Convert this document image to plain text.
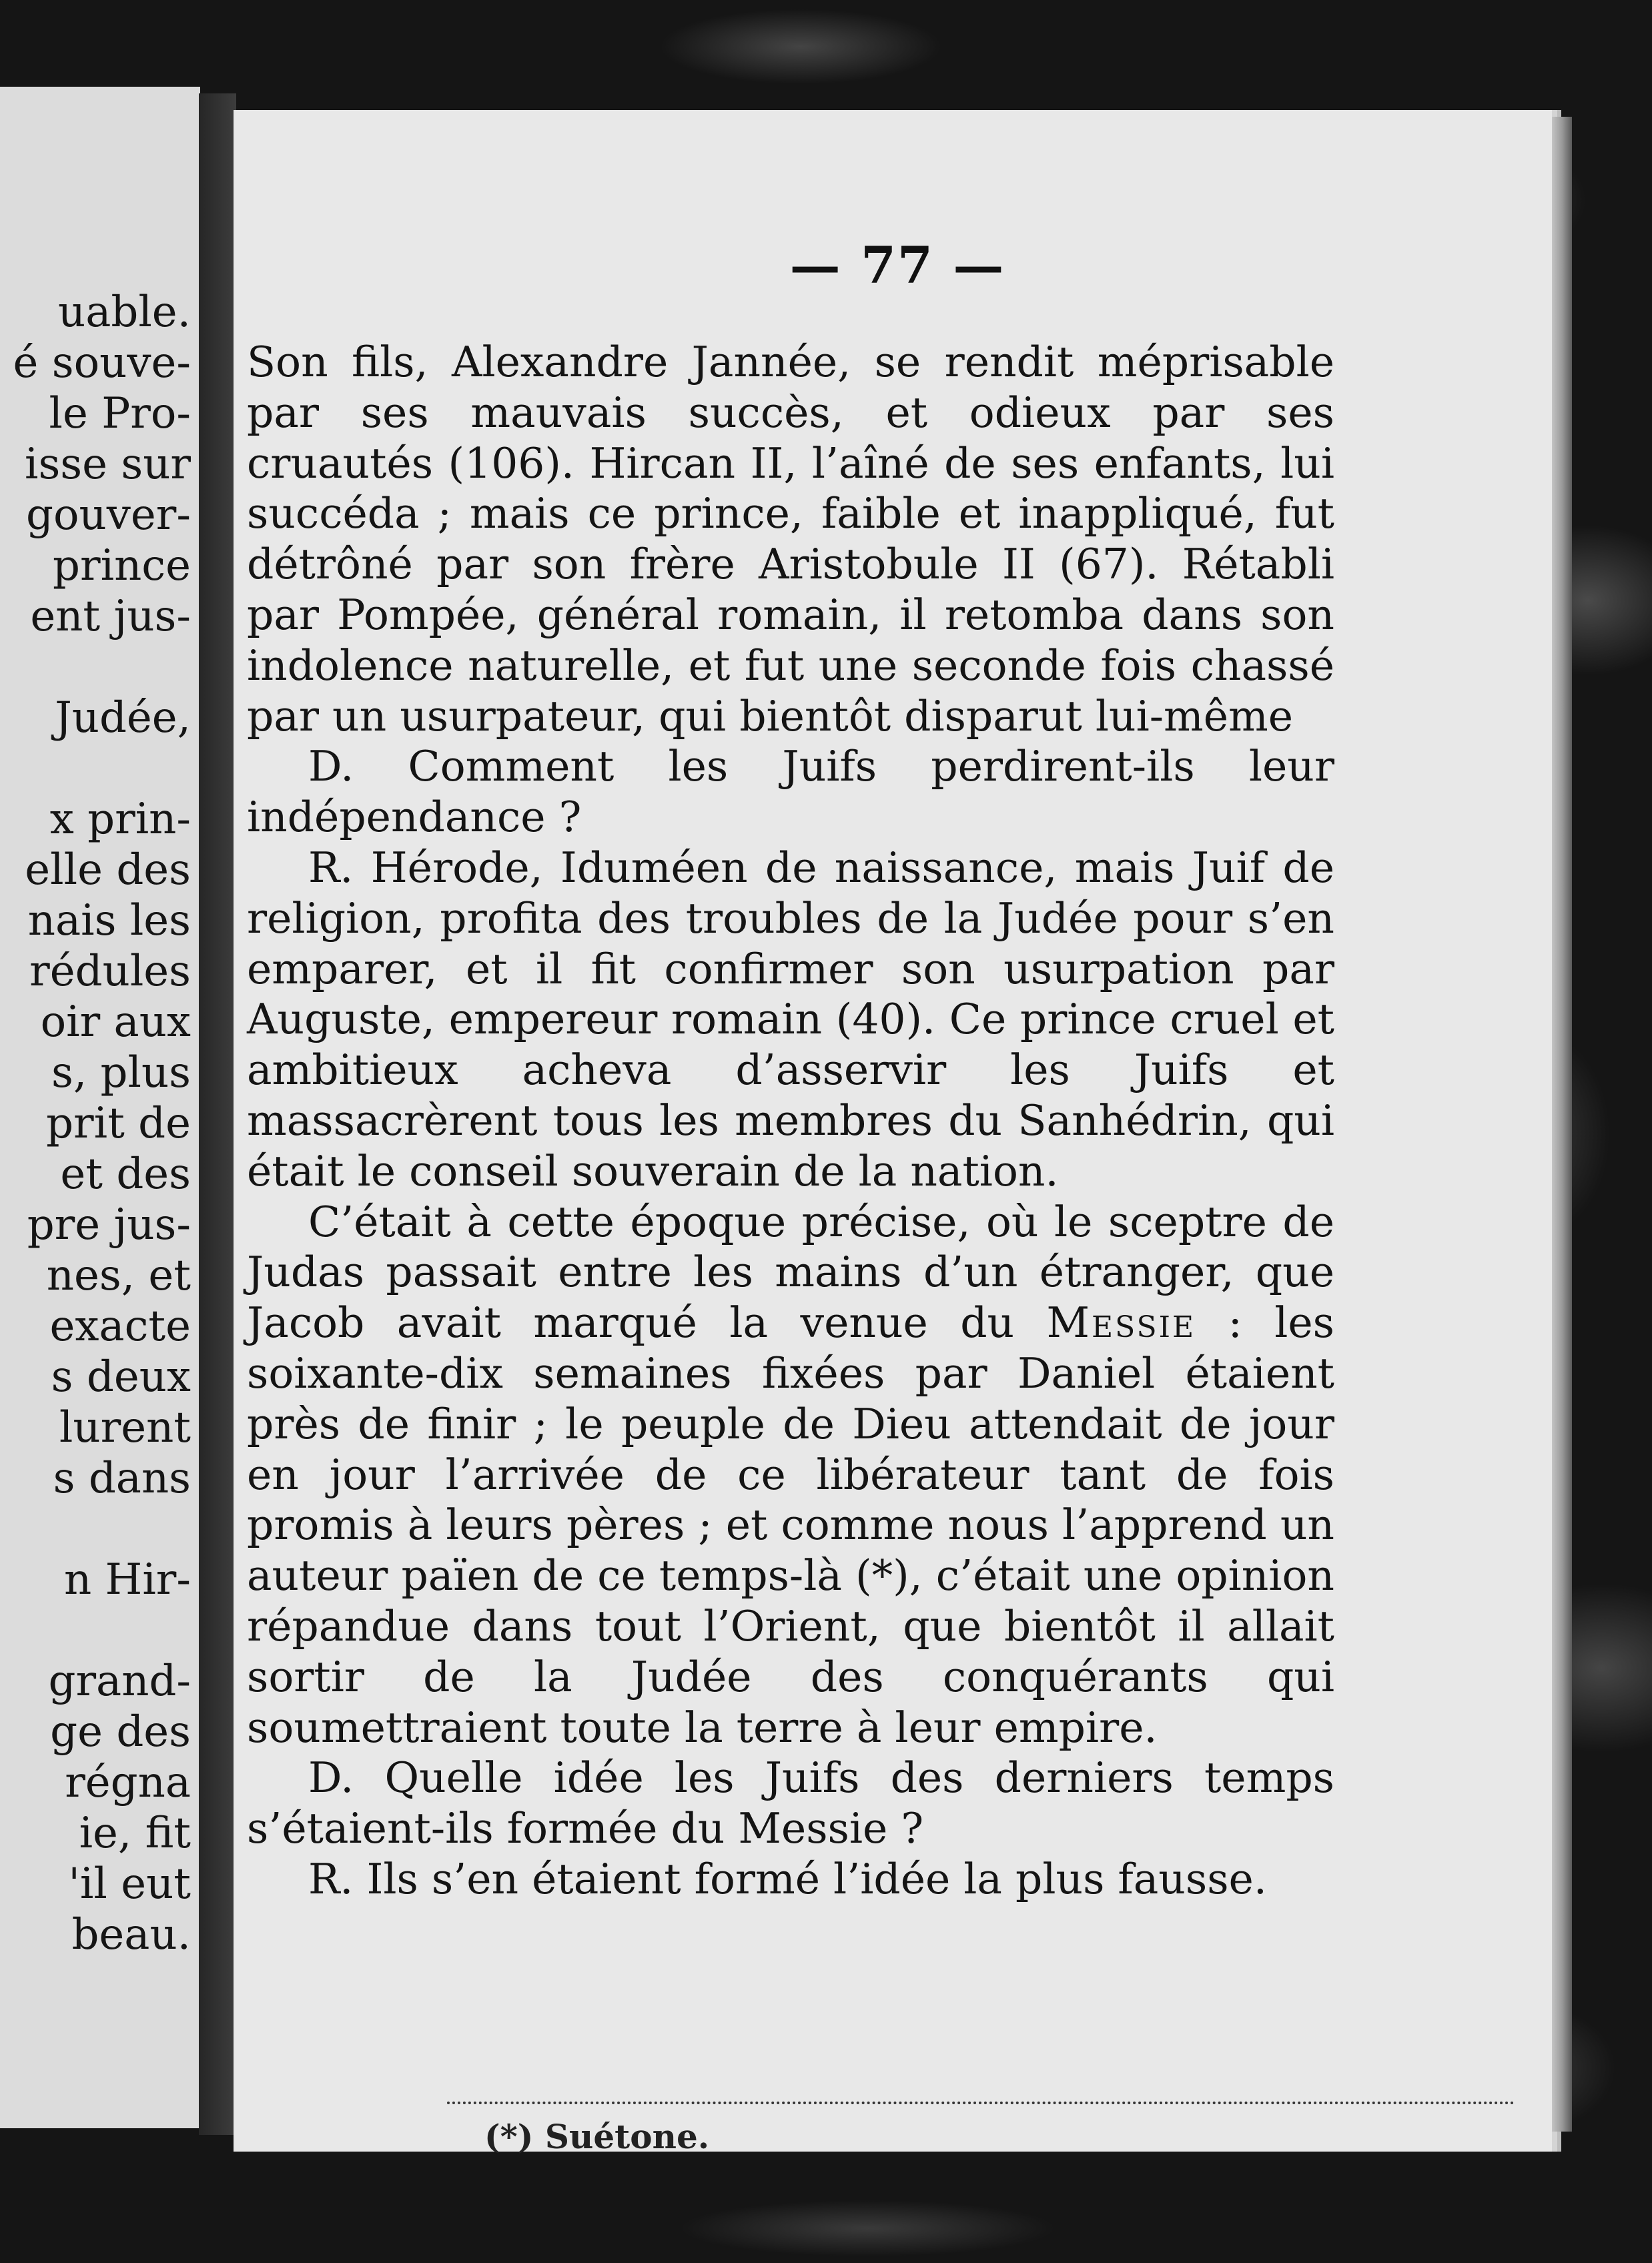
uable.
é souve-
le Pro-
isse sur
gouver-
prince
ent jus-
Judée,
x prin-
elle des
nais les
rédules
oir aux
s, plus
prit de
et des
pre jus-
nes, et
exacte
s deux
lurent
s dans
n Hir-
grand-
ge des
régna
ie, fit
'il eut
beau.
— 77 —

Son fils, Alexandre Jannée, se rendit méprisable par ses mauvais succès, et odieux par ses cruautés (106). Hircan II, l’aîné de ses enfants, lui succéda ; mais ce prince, faible et inappliqué, fut détrôné par son frère Aristobule II (67). Rétabli par Pompée, général romain, il retomba dans son indolence naturelle, et fut une seconde fois chassé par un usurpateur, qui bientôt disparut lui-même

D. Comment les Juifs perdirent-ils leur indépendance ?

R. Hérode, Iduméen de naissance, mais Juif de religion, profita des troubles de la Judée pour s’en emparer, et il fit confirmer son usurpation par Auguste, empereur romain (40). Ce prince cruel et ambitieux acheva d’asservir les Juifs et massacrèrent tous les membres du Sanhédrin, qui était le conseil souverain de la nation.

C’était à cette époque précise, où le sceptre de Judas passait entre les mains d’un étranger, que Jacob avait marqué la venue du Messie : les soixante-dix semaines fixées par Daniel étaient près de finir ; le peuple de Dieu attendait de jour en jour l’arrivée de ce libérateur tant de fois promis à leurs pères ; et comme nous l’apprend un auteur païen de ce temps-là (*), c’était une opinion répandue dans tout l’Orient, que bientôt il allait sortir de la Judée des conquérants qui soumettraient toute la terre à leur empire.

D. Quelle idée les Juifs des derniers temps s’étaient-ils formée du Messie ?

R. Ils s’en étaient formé l’idée la plus fausse.

(*) Suétone.
